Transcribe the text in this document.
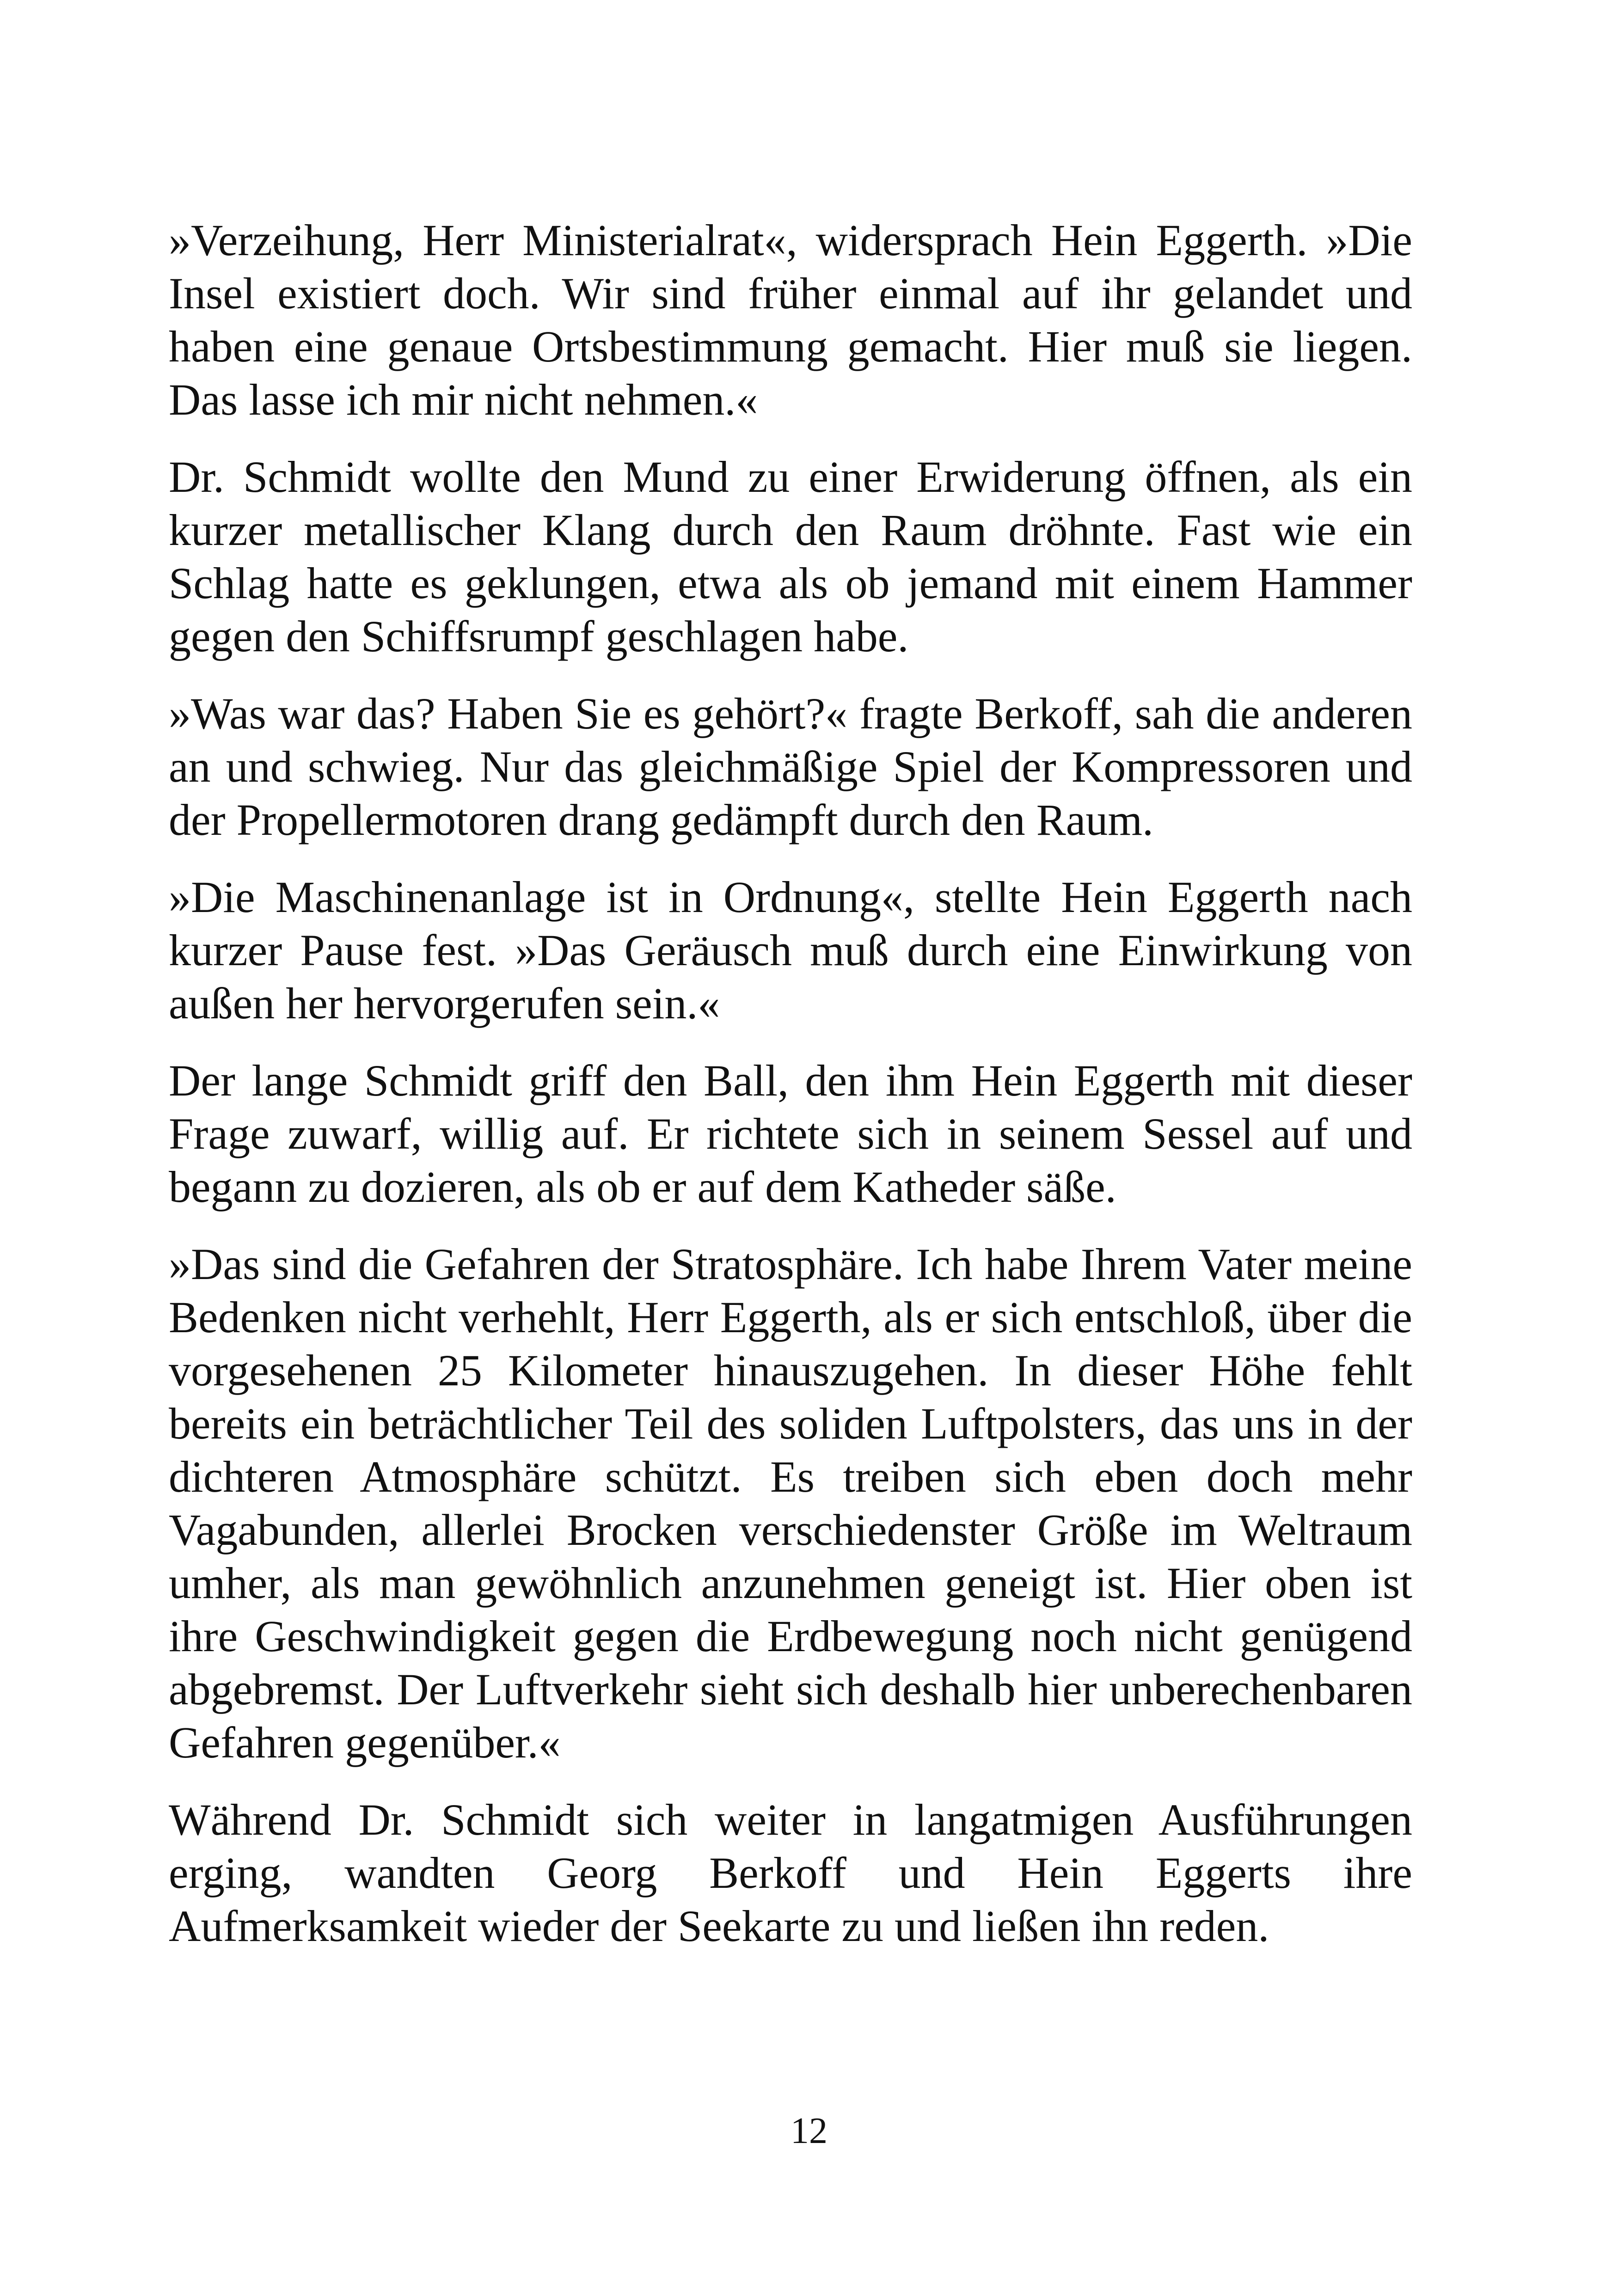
»Verzeihung, Herr Ministerialrat«, widersprach Hein Eggerth. »Die Insel existiert doch. Wir sind früher einmal auf ihr gelandet und haben eine genaue Ortsbestimmung gemacht. Hier muß sie liegen. Das lasse ich mir nicht nehmen.«

Dr. Schmidt wollte den Mund zu einer Erwiderung öffnen, als ein kurzer metallischer Klang durch den Raum dröhnte. Fast wie ein Schlag hatte es geklungen, etwa als ob jemand mit einem Hammer gegen den Schiffsrumpf geschlagen habe.

»Was war das? Haben Sie es gehört?« fragte Berkoff, sah die anderen an und schwieg. Nur das gleichmäßige Spiel der Kompressoren und der Propellermotoren drang gedämpft durch den Raum.

»Die Maschinenanlage ist in Ordnung«, stellte Hein Eggerth nach kurzer Pause fest. »Das Geräusch muß durch eine Einwirkung von außen her hervorgerufen sein.«

Der lange Schmidt griff den Ball, den ihm Hein Eggerth mit dieser Frage zuwarf, willig auf. Er richtete sich in seinem Sessel auf und begann zu dozieren, als ob er auf dem Katheder säße.

»Das sind die Gefahren der Stratosphäre. Ich habe Ihrem Vater meine Bedenken nicht verhehlt, Herr Eggerth, als er sich entschloß, über die vorgesehenen 25 Kilometer hinauszugehen. In dieser Höhe fehlt bereits ein beträchtlicher Teil des soliden Luftpolsters, das uns in der dichteren Atmosphäre schützt. Es treiben sich eben doch mehr Vagabunden, allerlei Brocken verschiedenster Größe im Weltraum umher, als man gewöhnlich anzunehmen geneigt ist. Hier oben ist ihre Geschwindigkeit gegen die Erdbewegung noch nicht genügend abgebremst. Der Luftverkehr sieht sich deshalb hier unberechenbaren Gefahren gegenüber.«

Während Dr. Schmidt sich weiter in langatmigen Ausführungen erging, wandten Georg Berkoff und Hein Eggerts ihre Aufmerksamkeit wieder der Seekarte zu und ließen ihn reden.

12
